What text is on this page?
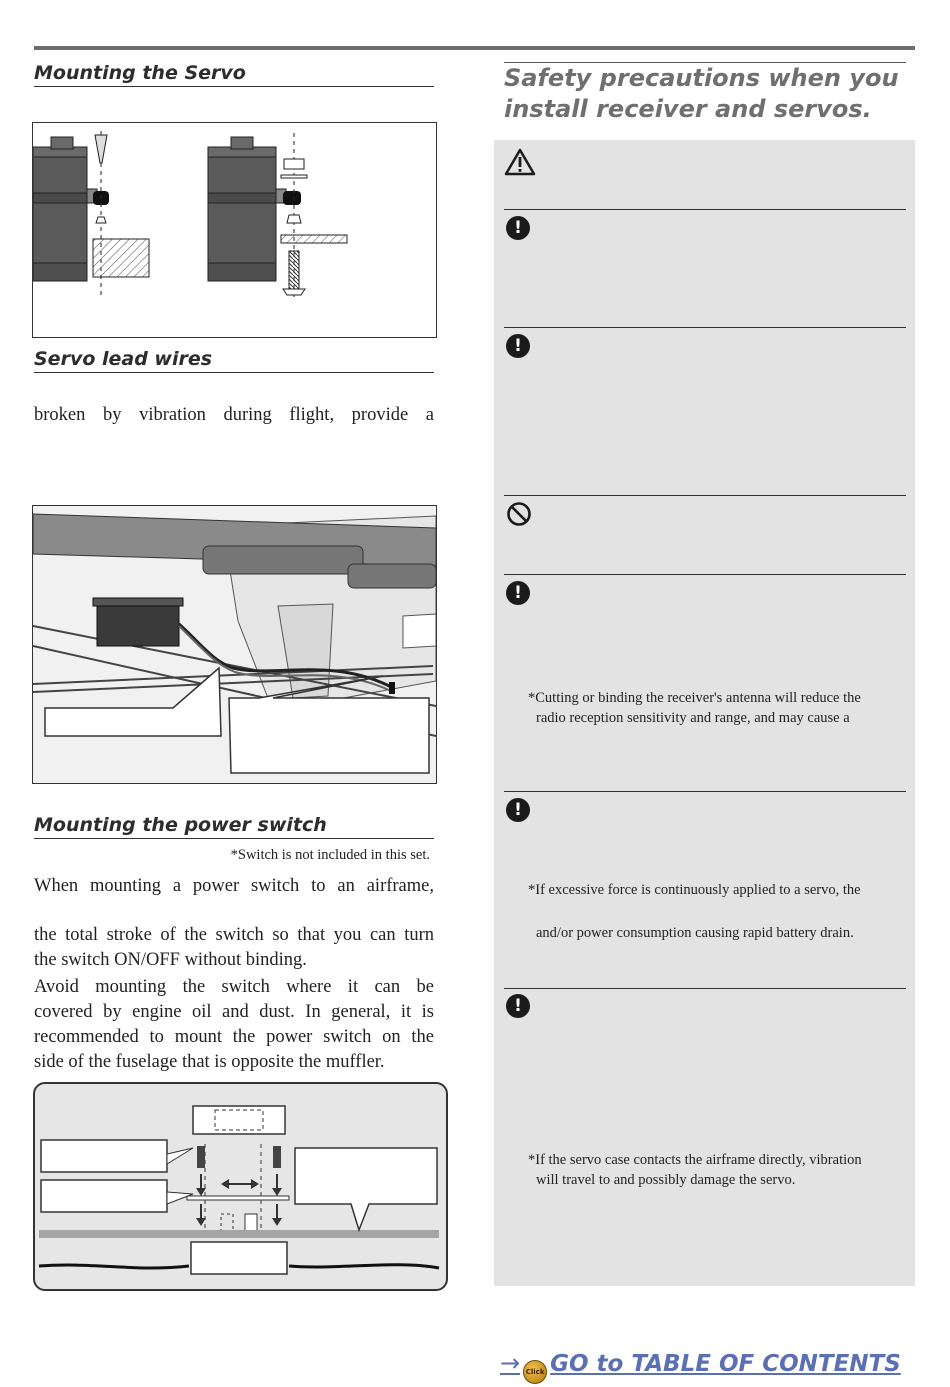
Mounting the Servo
Servo lead wires
broken by vibration during flight, provide a
Mounting the power switch
*Switch is not included in this set.
When mounting a power switch to an airframe,
the total stroke of the switch so that you can turn
the switch ON/OFF without binding.
Avoid mounting the switch where it can be
covered by engine oil and dust. In general, it is
recommended to mount the power switch on the
side of the fuselage that is opposite the muffler.
Safety precautions when you
install receiver and servos.
!
!
!
*Cutting or binding the receiver's antenna will reduce the
radio reception sensitivity and range, and may cause a
!
*If excessive force is continuously applied to a servo, the
and/or power consumption causing rapid battery drain.
!
*If the servo case contacts the airframe directly, vibration
will travel to and possibly damage the servo.
→ Click GO to TABLE OF CONTENTS
